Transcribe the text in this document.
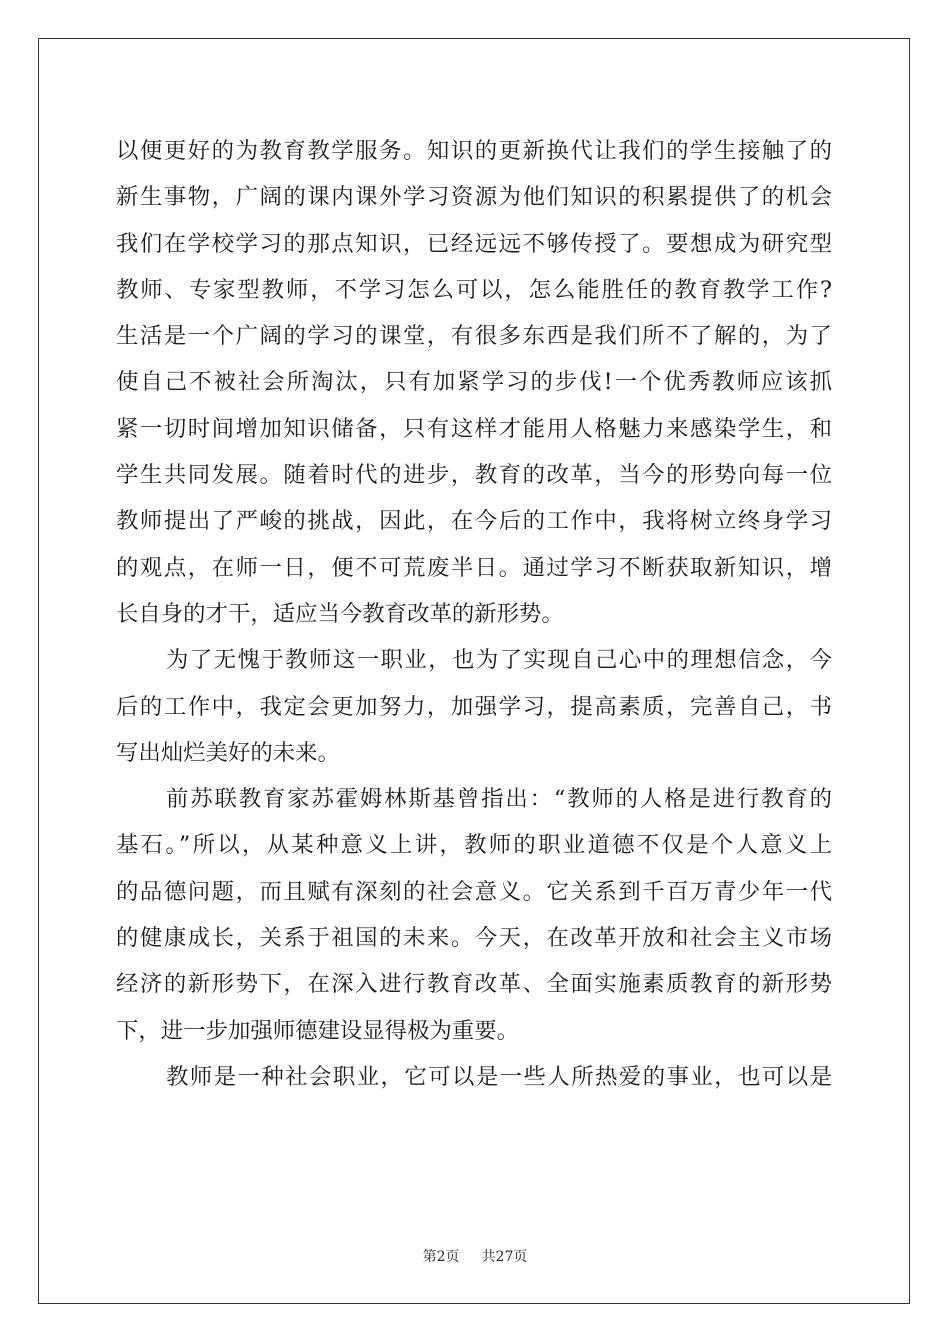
以便更好的为教育教学服务。知识的更新换代让我们的学生接触了的
新生事物，广阔的课内课外学习资源为他们知识的积累提供了的机会
我们在学校学习的那点知识，已经远远不够传授了。要想成为研究型
教师、专家型教师，不学习怎么可以，怎么能胜任的教育教学工作?
生活是一个广阔的学习的课堂，有很多东西是我们所不了解的，为了
使自己不被社会所淘汰，只有加紧学习的步伐!一个优秀教师应该抓
紧一切时间增加知识储备，只有这样才能用人格魅力来感染学生，和
学生共同发展。随着时代的进步，教育的改革，当今的形势向每一位
教师提出了严峻的挑战，因此，在今后的工作中，我将树立终身学习
的观点，在师一日，便不可荒废半日。通过学习不断获取新知识，增
长自身的才干，适应当今教育改革的新形势。
为了无愧于教师这一职业，也为了实现自己心中的理想信念，今
后的工作中，我定会更加努力，加强学习，提高素质，完善自己，书
写出灿烂美好的未来。
前苏联教育家苏霍姆林斯基曾指出：“教师的人格是进行教育的
基石。”所以，从某种意义上讲，教师的职业道德不仅是个人意义上
的品德问题，而且赋有深刻的社会意义。它关系到千百万青少年一代
的健康成长，关系于祖国的未来。今天，在改革开放和社会主义市场
经济的新形势下，在深入进行教育改革、全面实施素质教育的新形势
下，进一步加强师德建设显得极为重要。
教师是一种社会职业，它可以是一些人所热爱的事业，也可以是
第2页 共27页
